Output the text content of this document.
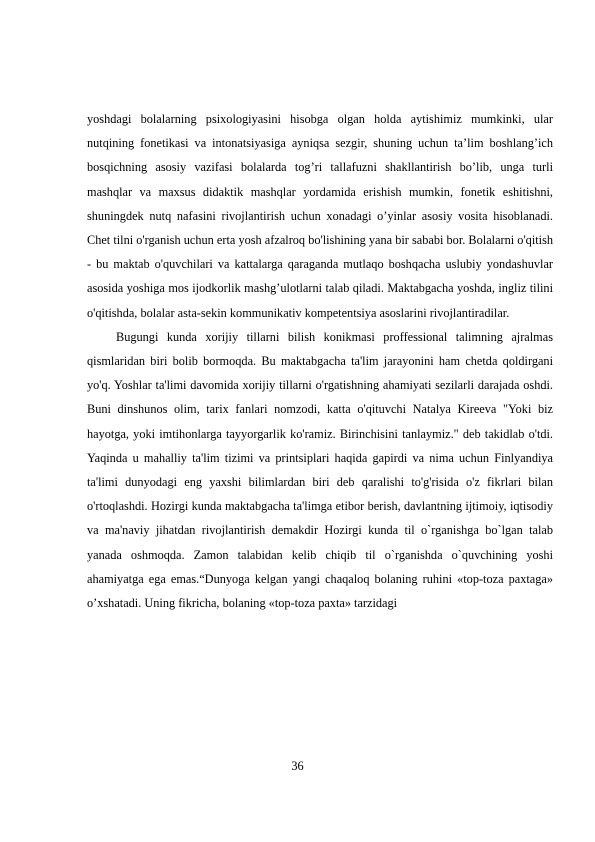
yoshdagi bolalarning psixologiyasini hisobga olgan holda aytishimiz mumkinki, ular nutqining fonetikasi va intonatsiyasiga ayniqsa sezgir, shuning uchun ta’lim boshlang’ich bosqichning asosiy vazifasi bolalarda tog’ri tallafuzni shakllantirish bo’lib, unga turli mashqlar va maxsus didaktik mashqlar yordamida erishish mumkin, fonetik eshitishni, shuningdek nutq nafasini rivojlantirish uchun xonadagi o’yinlar asosiy vosita hisoblanadi. Chet tilni o'rganish uchun erta yosh afzalroq bo'lishining yana bir sababi bor. Bolalarni o'qitish - bu maktab o'quvchilari va kattalarga qaraganda mutlaqo boshqacha uslubiy yondashuvlar asosida yoshiga mos ijodkorlik mashg’ulotlarni talab qiladi. Maktabgacha yoshda, ingliz tilini o'qitishda, bolalar asta-sekin kommunikativ kompetentsiya asoslarini rivojlantiradilar.

Bugungi kunda xorijiy tillarni bilish konikmasi proffessional talimning ajralmas qismlaridan biri bolib bormoqda. Bu maktabgacha ta'lim jarayonini ham chetda qoldirgani yo'q. Yoshlar ta'limi davomida xorijiy tillarni o'rgatishning ahamiyati sezilarli darajada oshdi. Buni dinshunos olim, tarix fanlari nomzodi, katta o'qituvchi Natalya Kireeva "Yoki biz hayotga, yoki imtihonlarga tayyorgarlik ko'ramiz. Birinchisini tanlaymiz." deb takidlab o'tdi. Yaqinda u mahalliy ta'lim tizimi va printsiplari haqida gapirdi va nima uchun Finlyandiya ta'limi dunyodagi eng yaxshi bilimlardan biri deb qaralishi to'g'risida o'z fikrlari bilan o'rtoqlashdi. Hozirgi kunda maktabgacha ta'limga etibor berish, davlantning ijtimoiy, iqtisodiy va ma'naviy jihatdan rivojlantirish demakdir Hozirgi kunda til o`rganishga bo`lgan talab yanada oshmoqda. Zamon talabidan kelib chiqib til o`rganishda o`quvchining yoshi ahamiyatga ega emas.“Dunyoga kelgan yangi chaqaloq bolaning ruhini «top-toza paxtaga» o’xshatadi. Uning fikricha, bolaning «top-toza paxta» tarzidagi

36
